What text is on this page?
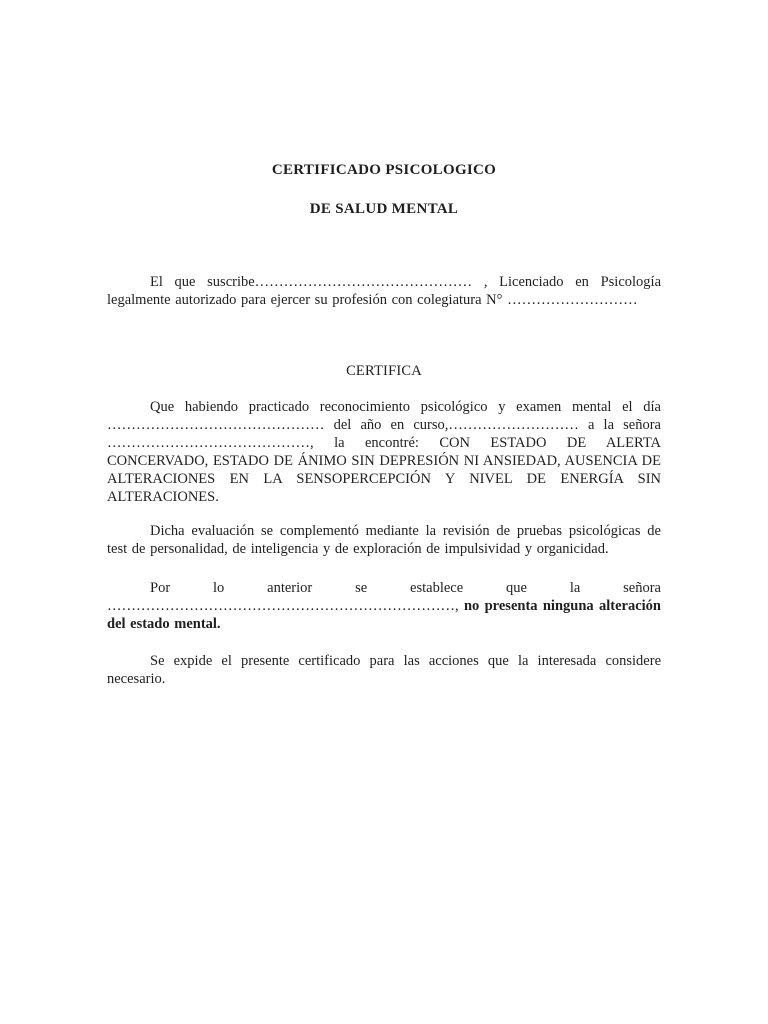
CERTIFICADO PSICOLOGICO
DE SALUD MENTAL

El que suscribe……………………………………… , Licenciado en Psicología legalmente autorizado para ejercer su profesión con colegiatura N° ………………………

CERTIFICA

Que habiendo practicado reconocimiento psicológico y examen mental el día ……………………………………… del año en curso,……………………… a la señora ……………………………………, la encontré: CON ESTADO DE ALERTA CONCERVADO, ESTADO DE ÁNIMO SIN DEPRESIÓN NI ANSIEDAD, AUSENCIA DE ALTERACIONES EN LA SENSOPERCEPCIÓN Y NIVEL DE ENERGÍA SIN ALTERACIONES.

Dicha evaluación se complementó mediante la revisión de pruebas psicológicas de test de personalidad, de inteligencia y de exploración de impulsividad y organicidad.

Por lo anterior se establece que la señora ………………………………………………………………, no presenta ninguna alteración del estado mental.

Se expide el presente certificado para las acciones que la interesada considere necesario.
